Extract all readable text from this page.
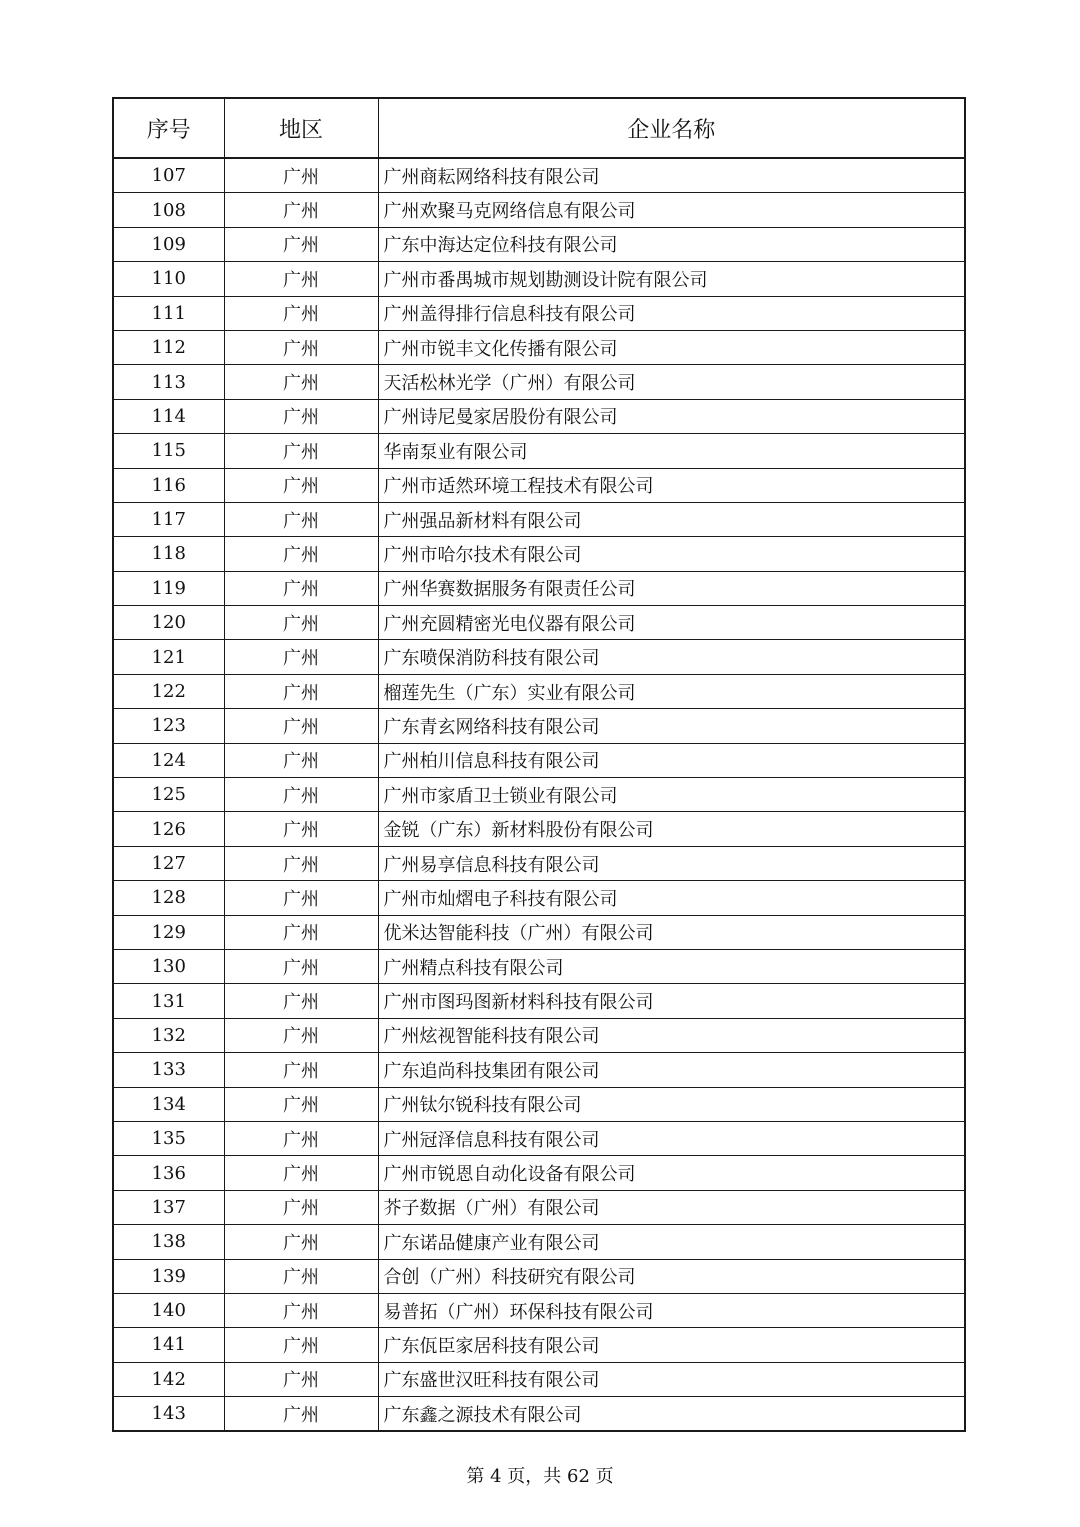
序号	地区	企业名称
107	广州	广州商耘网络科技有限公司
108	广州	广州欢聚马克网络信息有限公司
109	广州	广东中海达定位科技有限公司
110	广州	广州市番禺城市规划勘测设计院有限公司
111	广州	广州盖得排行信息科技有限公司
112	广州	广州市锐丰文化传播有限公司
113	广州	天活松林光学（广州）有限公司
114	广州	广州诗尼曼家居股份有限公司
115	广州	华南泵业有限公司
116	广州	广州市适然环境工程技术有限公司
117	广州	广州强品新材料有限公司
118	广州	广州市哈尔技术有限公司
119	广州	广州华赛数据服务有限责任公司
120	广州	广州充圆精密光电仪器有限公司
121	广州	广东喷保消防科技有限公司
122	广州	榴莲先生（广东）实业有限公司
123	广州	广东青玄网络科技有限公司
124	广州	广州柏川信息科技有限公司
125	广州	广州市家盾卫士锁业有限公司
126	广州	金锐（广东）新材料股份有限公司
127	广州	广州易享信息科技有限公司
128	广州	广州市灿熠电子科技有限公司
129	广州	优米达智能科技（广州）有限公司
130	广州	广州精点科技有限公司
131	广州	广州市图玛图新材料科技有限公司
132	广州	广州炫视智能科技有限公司
133	广州	广东追尚科技集团有限公司
134	广州	广州钛尔锐科技有限公司
135	广州	广州冠泽信息科技有限公司
136	广州	广州市锐恩自动化设备有限公司
137	广州	芥子数据（广州）有限公司
138	广州	广东诺品健康产业有限公司
139	广州	合创（广州）科技研究有限公司
140	广州	易普拓（广州）环保科技有限公司
141	广州	广东佤臣家居科技有限公司
142	广州	广东盛世汉旺科技有限公司
143	广州	广东鑫之源技术有限公司
第 4 页，共 62 页
